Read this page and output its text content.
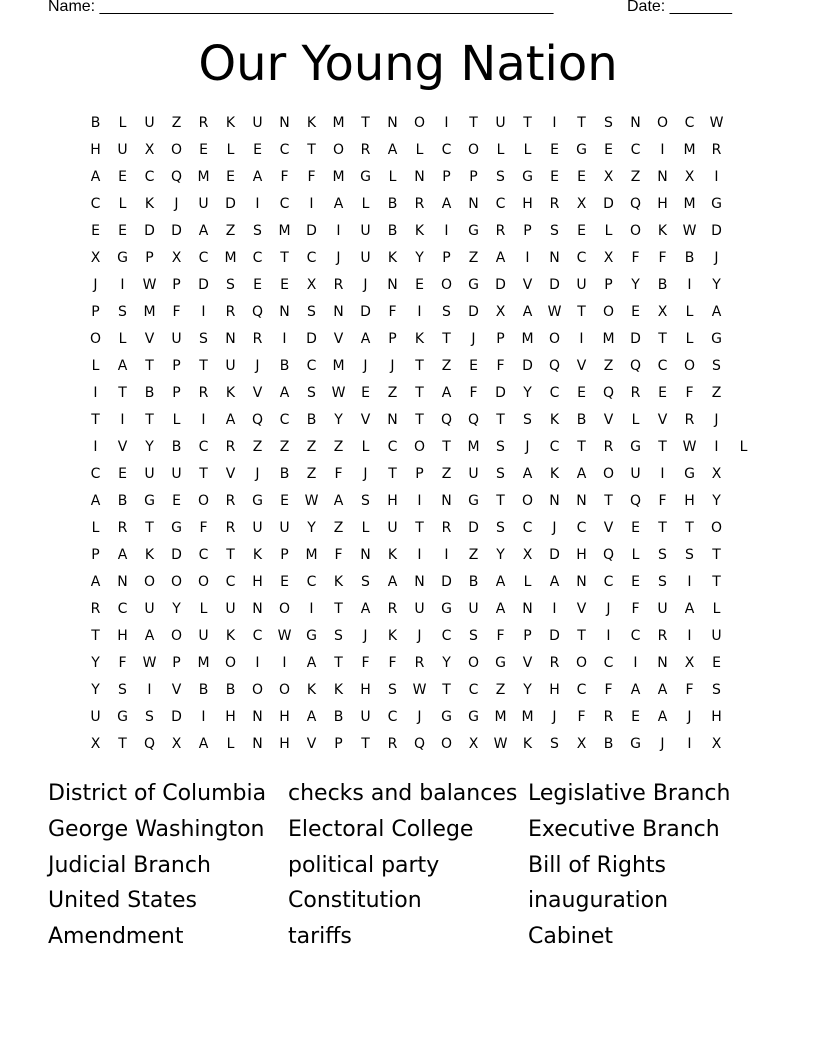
Name: ___________________________________________________	Date: _______
Our Young Nation
B	L	U	Z	R	K	U	N	K	M	T	N	O	I	T	U	T	I	T	S	N	O	C	W
H	U	X	O	E	L	E	C	T	O	R	A	L	C	O	L	L	E	G	E	C	I	M	R
A	E	C	Q	M	E	A	F	F	M	G	L	N	P	P	S	G	E	E	X	Z	N	X	I
C	L	K	J	U	D	I	C	I	A	L	B	R	A	N	C	H	R	X	D	Q	H	M	G
E	E	D	D	A	Z	S	M	D	I	U	B	K	I	G	R	P	S	E	L	O	K	W	D
X	G	P	X	C	M	C	T	C	J	U	K	Y	P	Z	A	I	N	C	X	F	F	B	J
J	I	W	P	D	S	E	E	X	R	J	N	E	O	G	D	V	D	U	P	Y	B	I	Y
P	S	M	F	I	R	Q	N	S	N	D	F	I	S	D	X	A	W	T	O	E	X	L	A
O	L	V	U	S	N	R	I	D	V	A	P	K	T	J	P	M	O	I	M	D	T	L	G
L	A	T	P	T	U	J	B	C	M	J	J	T	Z	E	F	D	Q	V	Z	Q	C	O	S
I	T	B	P	R	K	V	A	S	W	E	Z	T	A	F	D	Y	C	E	Q	R	E	F	Z
T	I	T	L	I	A	Q	C	B	Y	V	N	T	Q	Q	T	S	K	B	V	L	V	R	J
I	V	Y	B	C	R	Z	Z	Z	Z	L	C	O	T	M	S	J	C	T	R	G	T	W	I	L
C	E	U	U	T	V	J	B	Z	F	J	T	P	Z	U	S	A	K	A	O	U	I	G	X
A	B	G	E	O	R	G	E	W	A	S	H	I	N	G	T	O	N	N	T	Q	F	H	Y
L	R	T	G	F	R	U	U	Y	Z	L	U	T	R	D	S	C	J	C	V	E	T	T	O
P	A	K	D	C	T	K	P	M	F	N	K	I	I	Z	Y	X	D	H	Q	L	S	S	T
A	N	O	O	O	C	H	E	C	K	S	A	N	D	B	A	L	A	N	C	E	S	I	T
R	C	U	Y	L	U	N	O	I	T	A	R	U	G	U	A	N	I	V	J	F	U	A	L
T	H	A	O	U	K	C	W	G	S	J	K	J	C	S	F	P	D	T	I	C	R	I	U
Y	F	W	P	M	O	I	I	A	T	F	F	R	Y	O	G	V	R	O	C	I	N	X	E
Y	S	I	V	B	B	O	O	K	K	H	S	W	T	C	Z	Y	H	C	F	A	A	F	S
U	G	S	D	I	H	N	H	A	B	U	C	J	G	G	M	M	J	F	R	E	A	J	H
X	T	Q	X	A	L	N	H	V	P	T	R	Q	O	X	W	K	S	X	B	G	J	I	X
District of Columbia
George Washington
Judicial Branch
United States
Amendment
checks and balances
Electoral College
political party
Constitution
tariffs
Legislative Branch
Executive Branch
Bill of Rights
inauguration
Cabinet
